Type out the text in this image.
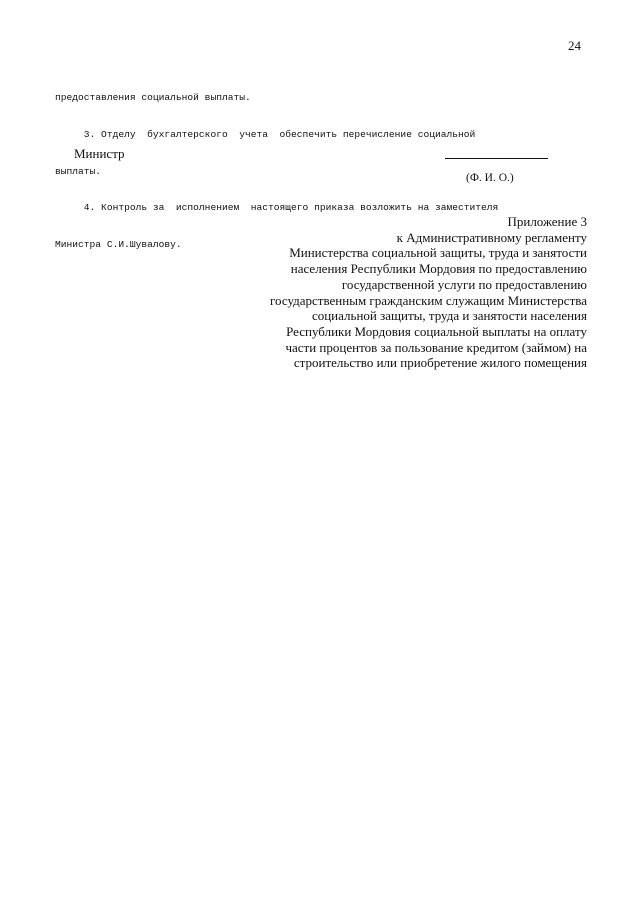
24

предоставления социальной выплаты.

3. Отделу  бухгалтерского  учета  обеспечить перечисление социальной

выплаты.

4. Контроль за  исполнением  настоящего приказа возложить на заместителя

Министра С.И.Шувалову.

Министр
(Ф. И. О.)
Приложение 3
к Административному регламенту
Министерства социальной защиты, труда и занятости
населения Республики Мордовия по предоставлению
государственной услуги по предоставлению
государственным гражданским служащим Министерства
социальной защиты, труда и занятости населения
Республики Мордовия социальной выплаты на оплату
части процентов за пользование кредитом (займом) на
строительство или приобретение жилого помещения
